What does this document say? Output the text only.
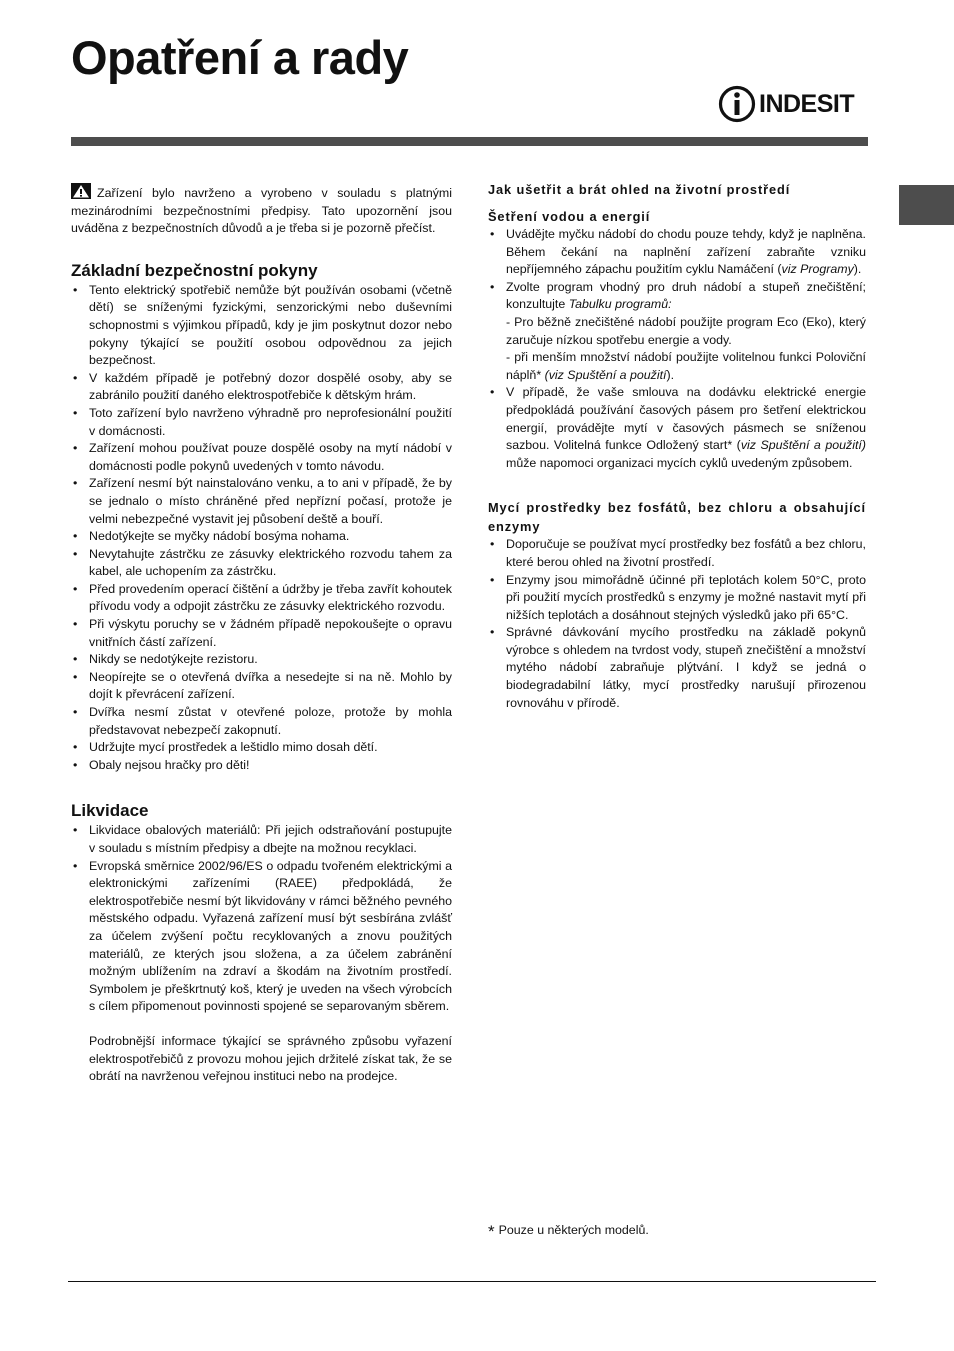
Opatření a rady
INDESIT

Zařízení bylo navrženo a vyrobeno v souladu s platnými mezinárodními bezpečnostními předpisy. Tato upozornění jsou uváděna z bezpečnostních důvodů a je třeba si je pozorně přečíst.

Základní bezpečnostní pokyny
• Tento elektrický spotřebič nemůže být používán osobami (včetně dětí) se sníženými fyzickými, senzorickými nebo duševními schopnostmi s výjimkou případů, kdy je jim poskytnut dozor nebo pokyny týkající se použití osobou odpovědnou za jejich bezpečnost.
• V každém případě je potřebný dozor dospělé osoby, aby se zabránilo použití daného elektrospotřebiče k dětským hrám.
• Toto zařízení bylo navrženo výhradně pro neprofesionální použití v domácnosti.
• Zařízení mohou používat pouze dospělé osoby na mytí nádobí v domácnosti podle pokynů uvedených v tomto návodu.
• Zařízení nesmí být nainstalováno venku, a to ani v případě, že by se jednalo o místo chráněné před nepřízní počasí, protože je velmi nebezpečné vystavit jej působení deště a bouří.
• Nedotýkejte se myčky nádobí bosýma nohama.
• Nevytahujte zástrčku ze zásuvky elektrického rozvodu tahem za kabel, ale uchopením za zástrčku.
• Před provedením operací čištění a údržby je třeba zavřít kohoutek přívodu vody a odpojit zástrčku ze zásuvky elektrického rozvodu.
• Při výskytu poruchy se v žádném případě nepokoušejte o opravu vnitřních částí zařízení.
• Nikdy se nedotýkejte rezistoru.
• Neopírejte se o otevřená dvířka a nesedejte si na ně. Mohlo by dojít k převrácení zařízení.
• Dvířka nesmí zůstat v otevřené poloze, protože by mohla představovat nebezpečí zakopnutí.
• Udržujte mycí prostředek a leštidlo mimo dosah dětí.
• Obaly nejsou hračky pro děti!
Likvidace
• Likvidace obalových materiálů: Při jejich odstraňování postupujte v souladu s místním předpisy a dbejte na možnou recyklaci.
• Evropská směrnice 2002/96/ES o odpadu tvořeném elektrickými a elektronickými zařízeními (RAEE) předpokládá, že elektrospotřebiče nesmí být likvidovány v rámci běžného pevného městského odpadu. Vyřazená zařízení musí být sesbírána zvlášť za účelem zvýšení počtu recyklovaných a znovu použitých materiálů, ze kterých jsou složena, a za účelem zabránění možným ublížením na zdraví a škodám na životním prostředí. Symbolem je přeškrtnutý koš, který je uveden na všech výrobcích s cílem připomenout povinnosti spojené se separovaným sběrem.

Podrobnější informace týkající se správného způsobu vyřazení elektrospotřebičů z provozu mohou jejich držitelé získat tak, že se obrátí na navrženou veřejnou instituci nebo na prodejce.

Jak ušetřit a brát ohled na životní prostředí
Šetření vodou a energií
• Uvádějte myčku nádobí do chodu pouze tehdy, když je naplněna. Během čekání na naplnění zařízení zabraňte vzniku nepříjemného zápachu použitím cyklu Namáčení (viz Programy).
• Zvolte program vhodný pro druh nádobí a stupeň znečištění; konzultujte Tabulku programů:
- Pro běžně znečištěné nádobí použijte program Eco (Eko), který zaručuje nízkou spotřebu energie a vody.
- při menším množství nádobí použijte volitelnou funkci Poloviční náplň* (viz Spuštění a použití).
• V případě, že vaše smlouva na dodávku elektrické energie předpokládá používání časových pásem pro šetření elektrickou energií, provádějte mytí v časových pásmech se sníženou sazbou. Volitelná funkce Odložený start* (viz Spuštění a použití) může napomoci organizaci mycích cyklů uvedeným způsobem.
Mycí prostředky bez fosfátů, bez chloru a obsahující enzymy
• Doporučuje se používat mycí prostředky bez fosfátů a bez chloru, které berou ohled na životní prostředí.
• Enzymy jsou mimořádně účinné při teplotách kolem 50°C, proto při použití mycích prostředků s enzymy je možné nastavit mytí při nižších teplotách a dosáhnout stejných výsledků jako při 65°C.
• Správné dávkování mycího prostředku na základě pokynů výrobce s ohledem na tvrdost vody, stupeň znečištění a množství mytého nádobí zabraňuje plýtvání. I když se jedná o biodegradabilní látky, mycí prostředky narušují přirozenou rovnováhu v přírodě.
* Pouze u některých modelů.
